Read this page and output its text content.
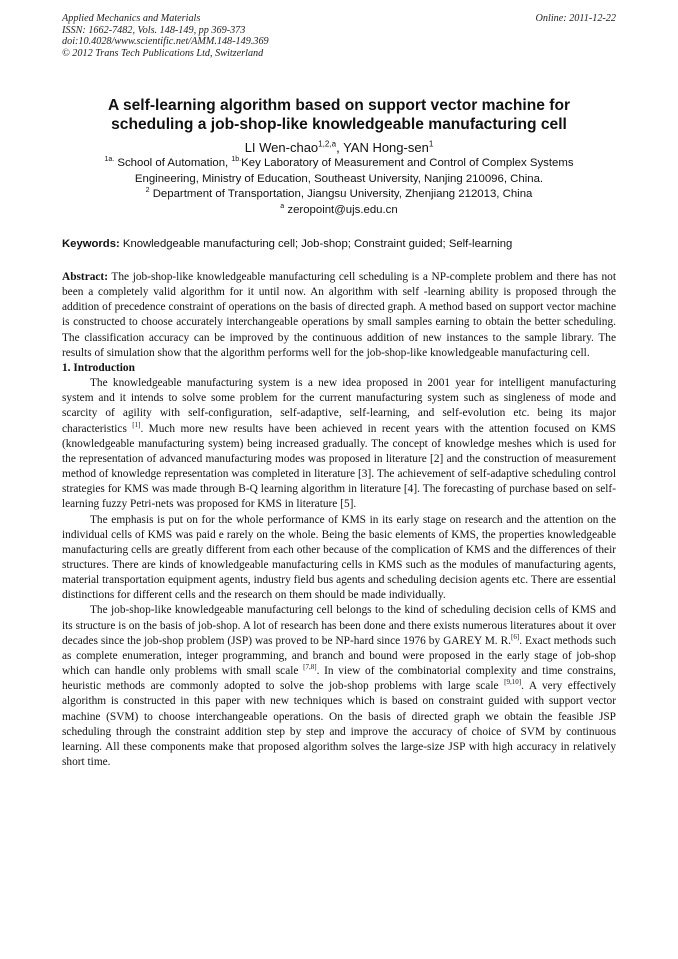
Applied Mechanics and Materials
ISSN: 1662-7482, Vols. 148-149, pp 369-373
doi:10.4028/www.scientific.net/AMM.148-149.369
© 2012 Trans Tech Publications Ltd, Switzerland
Online: 2011-12-22
A self-learning algorithm based on support vector machine for
scheduling a job-shop-like knowledgeable manufacturing cell
LI Wen-chao$^{1,2,a}$, YAN Hong-sen$^1$
$^{1a.}$ School of Automation, $^{1b.}$Key Laboratory of Measurement and Control of Complex Systems
Engineering, Ministry of Education, Southeast University, Nanjing 210096, China.
$^2$ Department of Transportation, Jiangsu University, Zhenjiang 212013, China
$^a$ zeropoint@ujs.edu.cn
Keywords: Knowledgeable manufacturing cell; Job-shop; Constraint guided; Self-learning

Abstract: The job-shop-like knowledgeable manufacturing cell scheduling is a NP-complete problem and there has not been a completely valid algorithm for it until now. An algorithm with self -learning ability is proposed through the addition of precedence constraint of operations on the basis of directed graph. A method based on support vector machine is constructed to choose accurately interchangeable operations by small samples earning to obtain the better scheduling. The classification accuracy can be improved by the continuous addition of new instances to the sample library. The results of simulation show that the algorithm performs well for the job-shop-like knowledgeable manufacturing cell.

1. Introduction

The knowledgeable manufacturing system is a new idea proposed in 2001 year for intelligent manufacturing system and it intends to solve some problem for the current manufacturing system such as singleness of mode and scarcity of agility with self-configuration, self-adaptive, self-learning, and self-evolution etc. being its major characteristics [1]. Much more new results have been achieved in recent years with the attention focused on KMS (knowledgeable manufacturing system) being increased gradually. The concept of knowledge meshes which is used for the representation of advanced manufacturing modes was proposed in literature [2] and the construction of measurement method of knowledge representation was completed in literature [3]. The achievement of self-adaptive scheduling control strategies for KMS was made through B-Q learning algorithm in literature [4]. The forecasting of purchase based on self-learning fuzzy Petri-nets was proposed for KMS in literature [5].

The emphasis is put on for the whole performance of KMS in its early stage on research and the attention on the individual cells of KMS was paid e rarely on the whole. Being the basic elements of KMS, the properties knowledgeable manufacturing cells are greatly different from each other because of the complication of KMS and the differences of their structures. There are kinds of knowledgeable manufacturing cells in KMS such as the modules of manufacturing agents, material transportation equipment agents, industry field bus agents and scheduling decision agents etc. There are essential distinctions for different cells and the research on them should be made individually.

The job-shop-like knowledgeable manufacturing cell belongs to the kind of scheduling decision cells of KMS and its structure is on the basis of job-shop. A lot of research has been done and there exists numerous literatures about it over decades since the job-shop problem (JSP) was proved to be NP-hard since 1976 by GAREY M. R.[6]. Exact methods such as complete enumeration, integer programming, and branch and bound were proposed in the early stage of job-shop which can handle only problems with small scale [7,8]. In view of the combinatorial complexity and time constrains, heuristic methods are commonly adopted to solve the job-shop problems with large scale [9,10]. A very effectively algorithm is constructed in this paper with new techniques which is based on constraint guided with support vector machine (SVM) to choose interchangeable operations. On the basis of directed graph we obtain the feasible JSP scheduling through the constraint addition step by step and improve the accuracy of choice of SVM by continuous learning. All these components make that proposed algorithm solves the large-size JSP with high accuracy in relatively short time.
